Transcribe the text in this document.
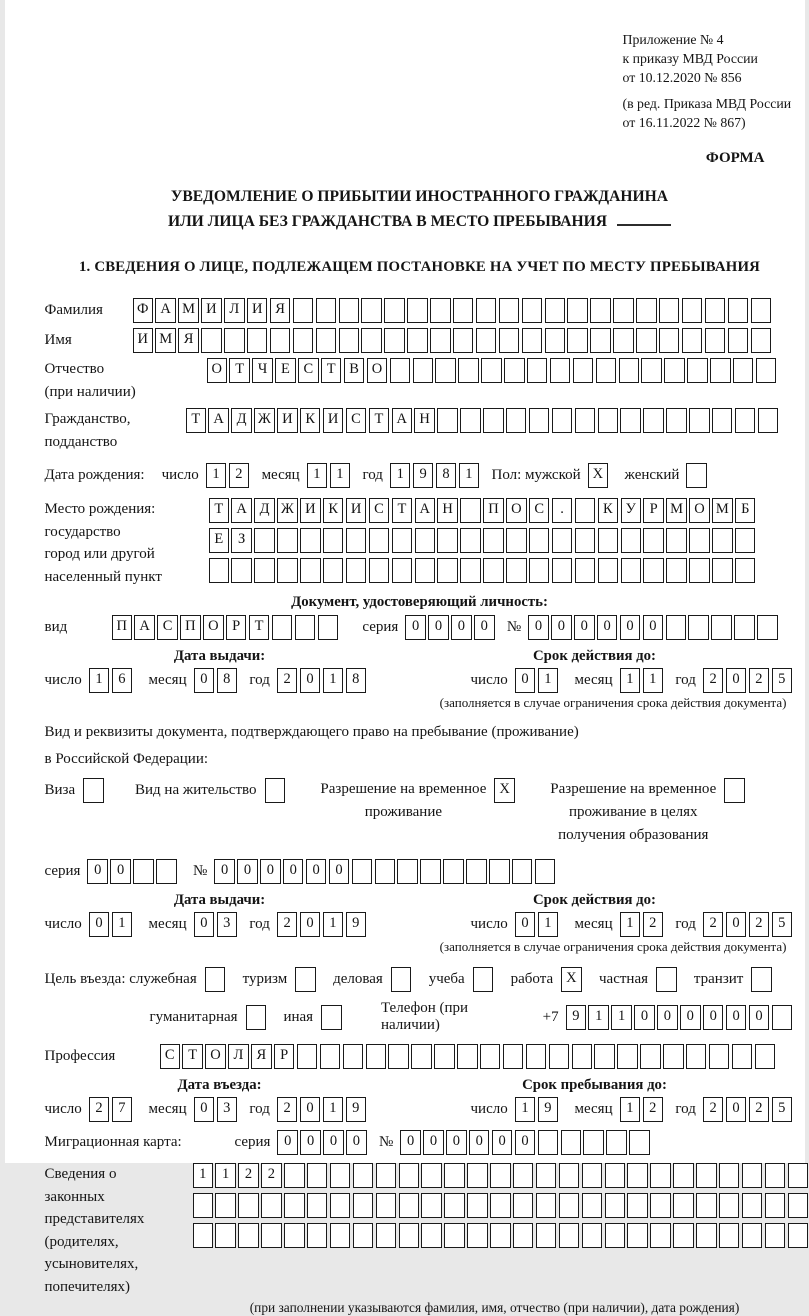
Приложение № 4
к приказу МВД России
от 10.12.2020 № 856
(в ред. Приказа МВД России
от 16.11.2022 № 867)
ФОРМА
УВЕДОМЛЕНИЕ О ПРИБЫТИИ ИНОСТРАННОГО ГРАЖДАНИНА
ИЛИ ЛИЦА БЕЗ ГРАЖДАНСТВА В МЕСТО ПРЕБЫВАНИЯ
1. СВЕДЕНИЯ О ЛИЦЕ, ПОДЛЕЖАЩЕМ ПОСТАНОВКЕ НА УЧЕТ ПО МЕСТУ ПРЕБЫВАНИЯ
Фамилия	Ф А М И Л И Я
Имя	И М Я
Отчество
(при наличии)
О Т Ч Е С Т В О
Гражданство,
подданство
Т А Д Ж И К И С Т А Н
Дата рождения: число 1	2	месяц 1	1	год 1	9	8	1	Пол: мужской X	женский
Место рождения:
государство
город или другой
населенный пункт
Т А Д Ж И К И С Т А Н	П О С	.	К У Р М О М Б

Е	З

Документ, удостоверяющий личность:
вид	П А С П О Р Т	серия 0	0	0	0	№ 0	0	0	0	0	0
Дата выдачи:	Срок действия до:
число 1	6	месяц 0	8	год 2	0	1	8	число 0	1	месяц 1	1	год 2	0	2	5
(заполняется в случае ограничения срока действия документа)
Вид и реквизиты документа, подтверждающего право на пребывание (проживание)
в Российской Федерации:
Виза	Вид на жительство	Разрешение на временное
проживание
X	Разрешение на временное
проживание в целях
получения образования
серия 0	0	№ 0	0	0	0	0	0
Дата выдачи:	Срок действия до:
число 0	1	месяц 0	3	год 2	0	1	9	число 0	1	месяц 1	2	год 2	0	2	5
(заполняется в случае ограничения срока действия документа)
Цель въезда: служебная	туризм	деловая	учеба	работа X	частная	транзит
гуманитарная	иная
Телефон (при наличии)
+7 9	1	1	0	0	0	0	0	0
Профессия	С Т О Л Я Р
Дата въезда:	Срок пребывания до:
число 2	7	месяц 0	3	год 2	0	1	9	число 1	9	месяц 1	2	год 2	0	2	5
Миграционная карта:	серия 0	0	0	0	№ 0	0	0	0	0	0
Сведения о
законных
представителях
(родителях,
усыновителях,
попечителях)
1	1	2	2
(при заполнении указываются фамилия, имя, отчество (при наличии), дата рождения)
